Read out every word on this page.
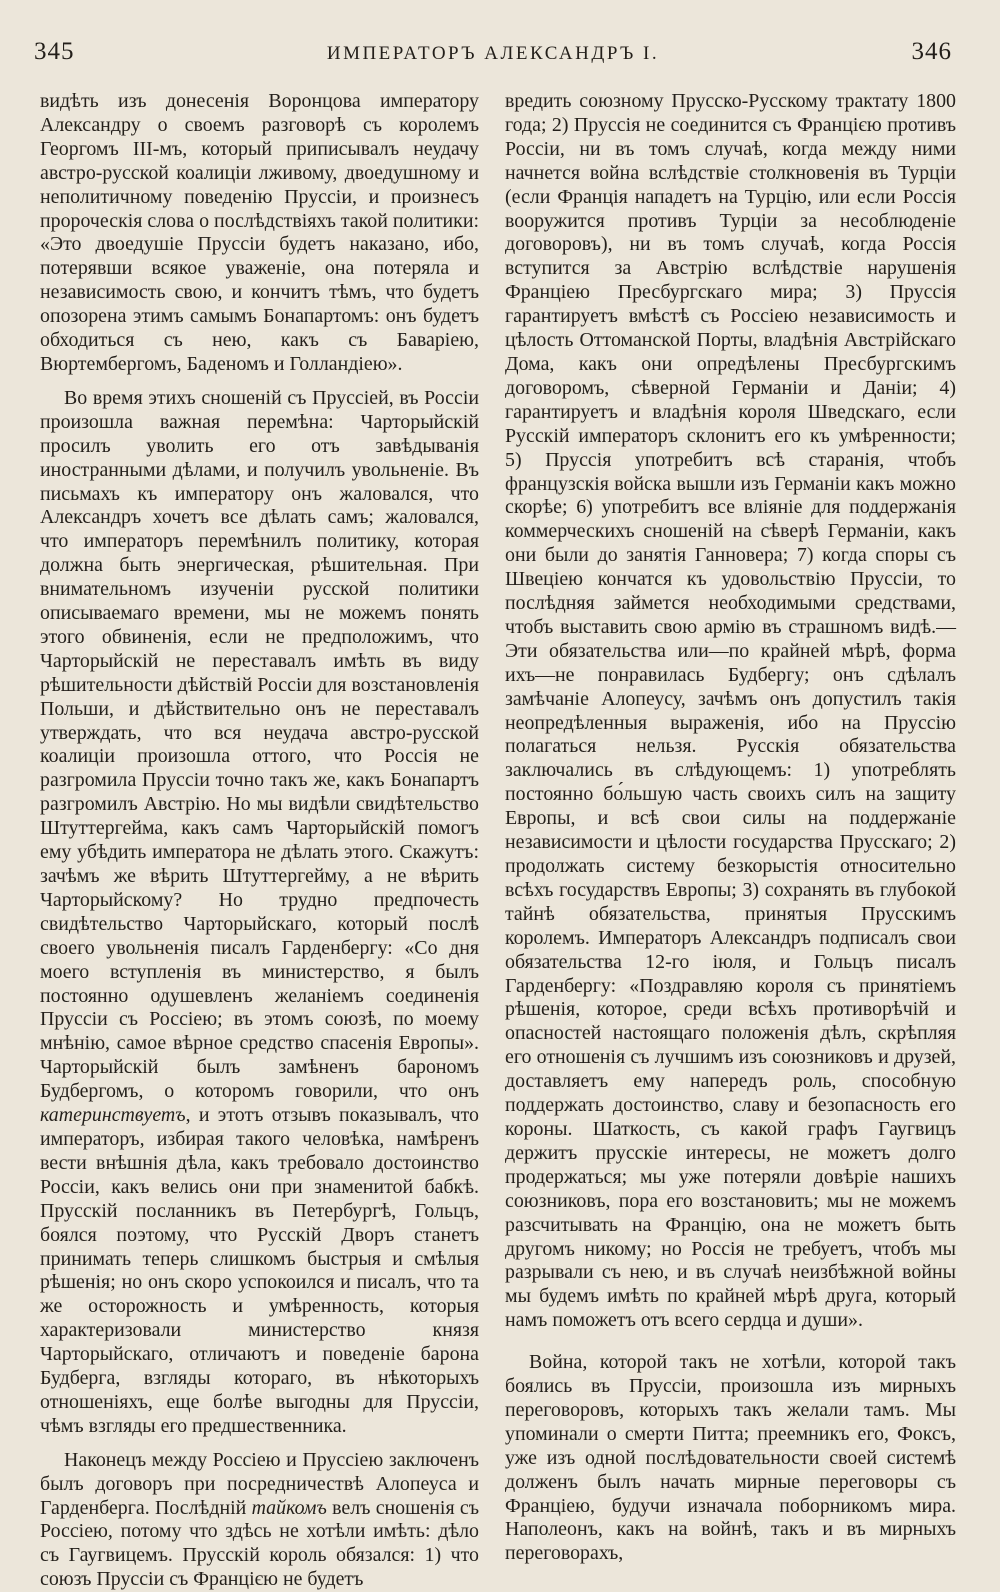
345	ИМПЕРАТОРЪ АЛЕКСАНДРЪ I.	346

видѣть изъ донесенія Воронцова императору Александру о своемъ разговорѣ съ королемъ Георгомъ III-мъ, который приписывалъ неудачу австро-русской коалиціи лживому, двоедушному и неполитичному поведенію Пруссіи, и произнесъ пророческія слова о послѣдствіяхъ такой политики: «Это двоедушіе Пруссіи будетъ наказано, ибо, потерявши всякое уваженіе, она потеряла и независимость свою, и кончитъ тѣмъ, что будетъ опозорена этимъ самымъ Бонапартомъ: онъ будетъ обходиться съ нею, какъ съ Баваріею, Вюртембергомъ, Баденомъ и Голландіею».

Во время этихъ сношеній съ Пруссіей, въ Россіи произошла важная перемѣна: Чарторыйскій просилъ уволить его отъ завѣдыванія иностранными дѣлами, и получилъ увольненіе. Въ письмахъ къ императору онъ жаловался, что Александръ хочетъ все дѣлать самъ; жаловался, что императоръ перемѣнилъ политику, которая должна быть энергическая, рѣшительная. При внимательномъ изученіи русской политики описываемаго времени, мы не можемъ понять этого обвиненія, если не предположимъ, что Чарторыйскій не переставалъ имѣть въ виду рѣшительности дѣйствій Россіи для возстановленія Польши, и дѣйствительно онъ не переставалъ утверждать, что вся неудача австро-русской коалиціи произошла оттого, что Россія не разгромила Пруссіи точно такъ же, какъ Бонапартъ разгромилъ Австрію. Но мы видѣли свидѣтельство Штуттергейма, какъ самъ Чарторыйскій помогъ ему убѣдить императора не дѣлать этого. Скажутъ: зачѣмъ же вѣрить Штуттергейму, а не вѣрить Чарторыйскому? Но трудно предпочесть свидѣтельство Чарторыйскаго, который послѣ своего увольненія писалъ Гарденбергу: «Со дня моего вступленія въ министерство, я былъ постоянно одушевленъ желаніемъ соединенія Пруссіи съ Россіею; въ этомъ союзѣ, по моему мнѣнію, самое вѣрное средство спасенія Европы». Чарторыйскій былъ замѣненъ барономъ Будбергомъ, о которомъ говорили, что онъ катеринствуетъ, и этотъ отзывъ показывалъ, что императоръ, избирая такого человѣка, намѣренъ вести внѣшнія дѣла, какъ требовало достоинство Россіи, какъ велись они при знаменитой бабкѣ. Прусскій посланникъ въ Петербургѣ, Гольцъ, боялся поэтому, что Русскій Дворъ станетъ принимать теперь слишкомъ быстрыя и смѣлыя рѣшенія; но онъ скоро успокоился и писалъ, что та же осторожность и умѣренность, которыя характеризовали министерство князя Чарторыйскаго, отличаютъ и поведеніе барона Будберга, взгляды котораго, въ нѣкоторыхъ отношеніяхъ, еще болѣе выгодны для Пруссіи, чѣмъ взгляды его предшественника.

Наконецъ между Россіею и Пруссіею заключенъ былъ договоръ при посредничествѣ Алопеуса и Гарденберга. Послѣдній тайкомъ велъ сношенія съ Россіею, потому что здѣсь не хотѣли имѣть: дѣло съ Гаугвицемъ. Прусскій король обязался: 1) что союзъ Пруссіи съ Францією не будетъ

вредить союзному Прусско-Русскому трактату 1800 года; 2) Пруссія не соединится съ Францією противъ Россіи, ни въ томъ случаѣ, когда между ними начнется война вслѣдствіе столкновенія въ Турціи (если Франція нападетъ на Турцію, или если Россія вооружится противъ Турціи за несоблюденіе договоровъ), ни въ томъ случаѣ, когда Россія вступится за Австрію вслѣдствіе нарушенія Франціею Пресбургскаго мира; 3) Пруссія гарантируетъ вмѣстѣ съ Россіею независимость и цѣлость Оттоманской Порты, владѣнія Австрійскаго Дома, какъ они опредѣлены Пресбургскимъ договоромъ, сѣверной Германіи и Даніи; 4) гарантируетъ и владѣнія короля Шведскаго, если Русскій императоръ склонитъ его къ умѣренности; 5) Пруссія употребитъ всѣ старанія, чтобъ французскія войска вышли изъ Германіи какъ можно скорѣе; 6) употребитъ все вліяніе для поддержанія коммерческихъ сношеній на сѣверѣ Германіи, какъ они были до занятія Ганновера; 7) когда споры съ Швеціею кончатся къ удовольствію Пруссіи, то послѣдняя займется необходимыми средствами, чтобъ выставить свою армію въ страшномъ видѣ.— Эти обязательства или—по крайней мѣрѣ, форма ихъ—не понравилась Будбергу; онъ сдѣлалъ замѣчаніе Алопеусу, зачѣмъ онъ допустилъ такія неопредѣленныя выраженія, ибо на Пруссію полагаться нельзя. Русскія обязательства заключались въ слѣдующемъ: 1) употреблять постоянно бо́льшую часть своихъ силъ на защиту Европы, и всѣ свои силы на поддержаніе независимости и цѣлости государства Прусскаго; 2) продолжать систему безкорыстія относительно всѣхъ государствъ Европы; 3) сохранять въ глубокой тайнѣ обязательства, принятыя Прусскимъ королемъ. Императоръ Александръ подписалъ свои обязательства 12-го іюля, и Гольцъ писалъ Гарденбергу: «Поздравляю короля съ принятіемъ рѣшенія, которое, среди всѣхъ противорѣчій и опасностей настоящаго положенія дѣлъ, скрѣпляя его отношенія съ лучшимъ изъ союзниковъ и друзей, доставляетъ ему напередъ роль, способную поддержать достоинство, славу и безопасность его короны. Шаткость, съ какой графъ Гаугвицъ держитъ прусскіе интересы, не можетъ долго продержаться; мы уже потеряли довѣріе нашихъ союзниковъ, пора его возстановить; мы не можемъ разсчитывать на Францію, она не можетъ быть другомъ никому; но Россія не требуетъ, чтобъ мы разрывали съ нею, и въ случаѣ неизбѣжной войны мы будемъ имѣть по крайней мѣрѣ друга, который намъ поможетъ отъ всего сердца и души».

Война, которой такъ не хотѣли, которой такъ боялись въ Пруссіи, произошла изъ мирныхъ переговоровъ, которыхъ такъ желали тамъ. Мы упоминали о смерти Питта; преемникъ его, Фоксъ, уже изъ одной послѣдовательности своей системѣ долженъ былъ начать мирные переговоры съ Франціею, будучи изначала поборникомъ мира. Наполеонъ, какъ на войнѣ, такъ и въ мирныхъ переговорахъ,
